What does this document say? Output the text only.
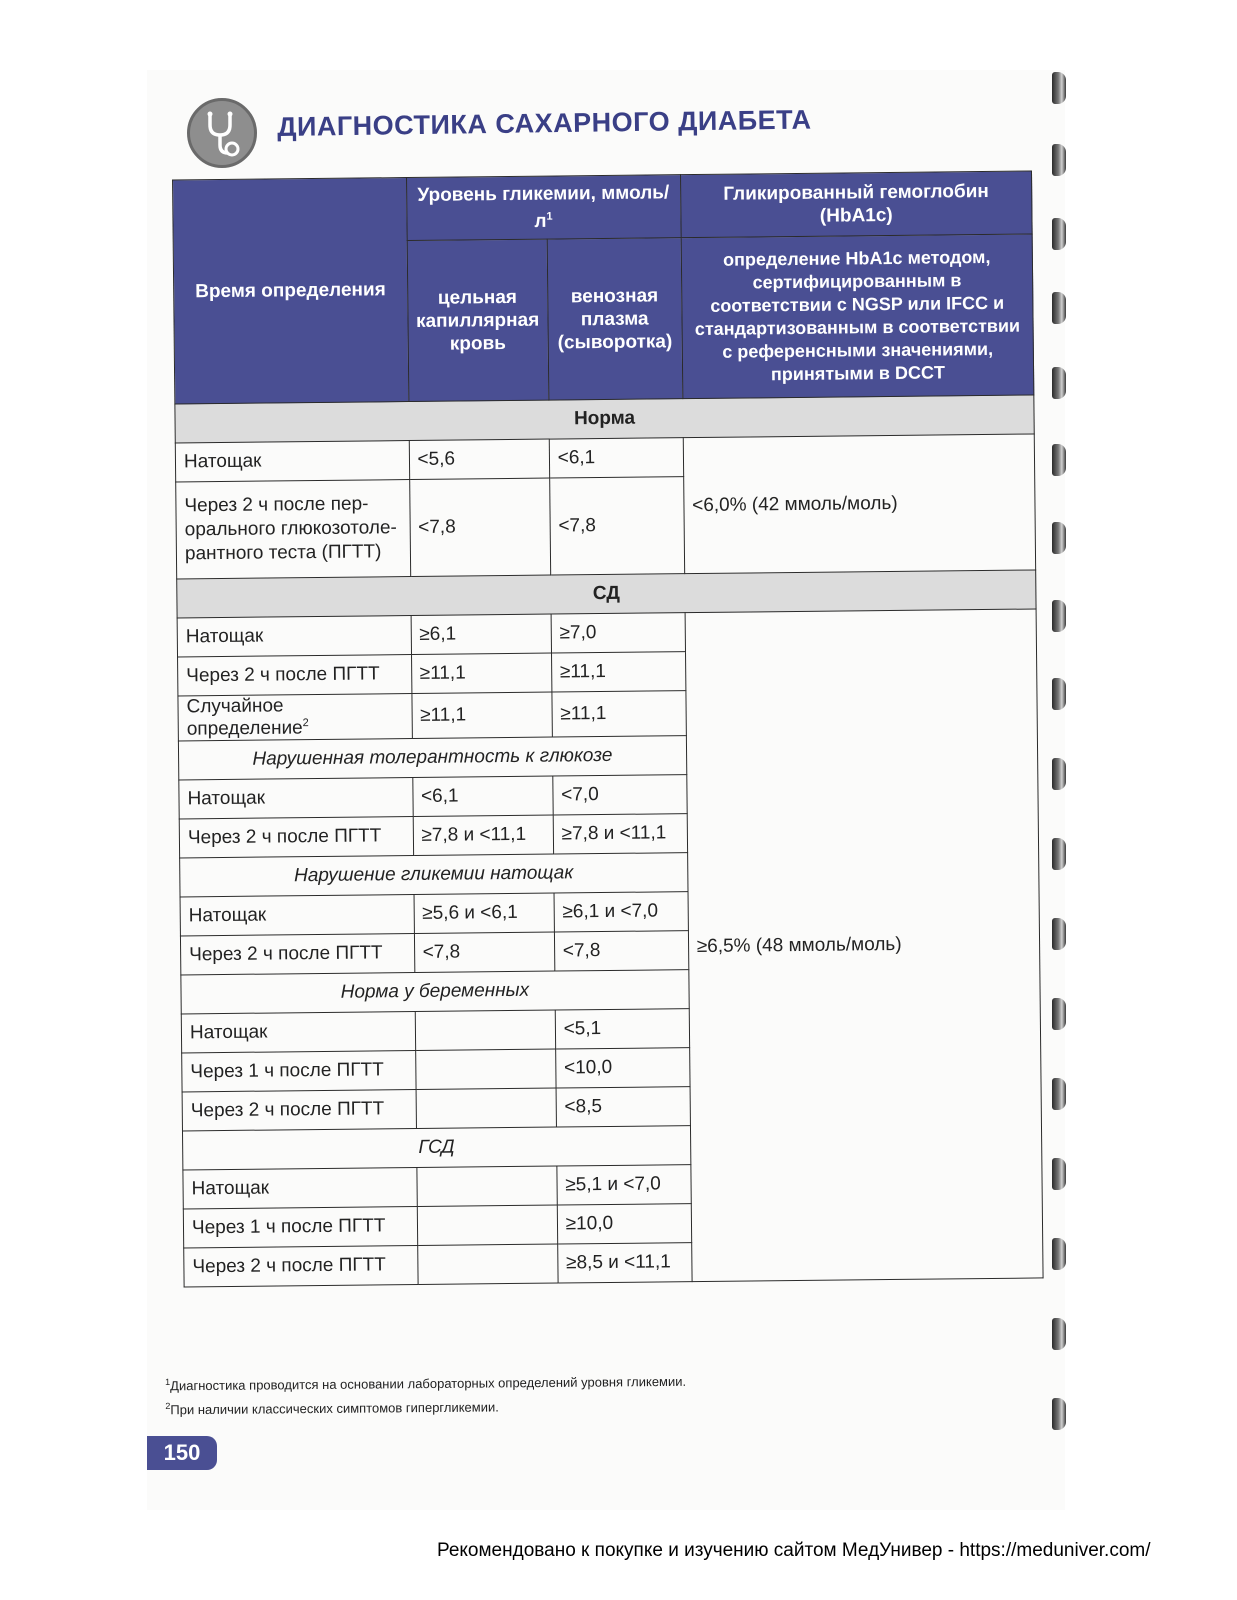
ДИАГНОСТИКА САХАРНОГО ДИАБЕТА
Время определения	Уровень гликемии, ммоль/$л^1$		Гликированный гемоглобин (HbA1c)
	цельная капиллярная кровь	венозная плазма (сыворотка)	определение HbA1c методом, сертифицированным в соответствии с NGSP или IFCC и стандартизованным в соответствии с референсными значениями, принятыми в DCCT
Норма			
Натощак	<5,6	<6,1	<6,0% (42 ммоль/моль)
Через 2 ч после пер-орального глюкозотоле-рантного теста (ПГТТ)	<7,8	<7,8	
СД			
Натощак	≥6,1	≥7,0	≥6,5% (48 ммоль/моль)
Через 2 ч после ПГТТ	≥11,1	≥11,1	
Случайное определение$^2$	≥11,1	≥11,1	
Нарушенная толерантность к глюкозе			
Натощак	<6,1	<7,0	
Через 2 ч после ПГТТ	≥7,8 и <11,1	≥7,8 и <11,1	
Нарушение гликемии натощак			
Натощак	≥5,6 и <6,1	≥6,1 и <7,0	
Через 2 ч после ПГТТ	<7,8	<7,8	
Норма у беременных			
Натощак		<5,1	
Через 1 ч после ПГТТ		<10,0	
Через 2 ч после ПГТТ		<8,5	
ГСД			
Натощак		≥5,1 и <7,0	
Через 1 ч после ПГТТ		≥10,0	
Через 2 ч после ПГТТ		≥8,5 и <11,1	
$^1$Диагностика проводится на основании лабораторных определений уровня гликемии.
$^2$При наличии классических симптомов гипергликемии.
150
Рекомендовано к покупке и изучению сайтом МедУнивер - https://meduniver.com/
